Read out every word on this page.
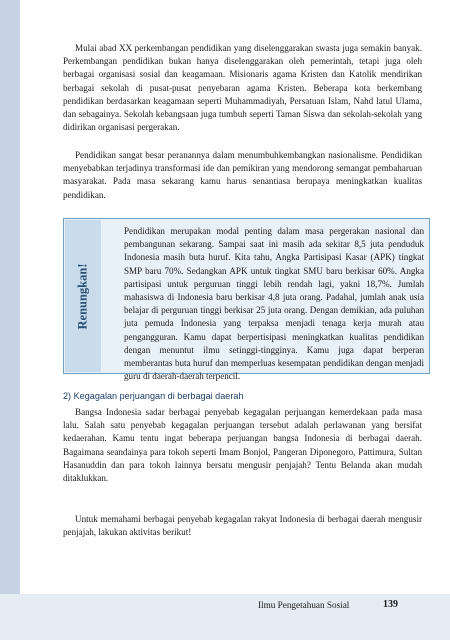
Mulai abad XX perkembangan pendidikan yang diselenggarakan swasta juga semakin banyak. Perkembangan pendidikan bukan hanya diselenggarakan oleh pemerintah, tetapi juga oleh berbagai organisasi sosial dan keagamaan. Misionaris agama Kristen dan Katolik mendirikan berbagai sekolah di pusat-pusat penyebaran agama Kristen. Beberapa kota berkembang pendidikan berdasarkan keagamaan seperti Muhammadiyah, Persatuan Islam, Nahd latul Ulama, dan sebagainya. Sekolah kebangsaan juga tumbuh seperti Taman Siswa dan sekolah-sekolah yang didirikan organisasi pergerakan.

Pendidikan sangat besar peranannya dalam menumbuhkembangkan nasionalisme. Pendidikan menyebabkan terjadinya transformasi ide dan pemikiran yang mendorong semangat pembaharuan masyarakat. Pada masa sekarang kamu harus senantiasa berupaya meningkatkan kualitas pendidikan.

Renungkan!

Pendidikan merupakan modal penting dalam masa pergerakan nasional dan pembangunan sekarang. Sampai saat ini masih ada sekitar 8,5 juta penduduk Indonesia masih buta huruf. Kita tahu, Angka Partisipasi Kasar (APK) tingkat SMP baru 70%. Sedangkan APK untuk tingkat SMU baru berkisar 60%. Angka partisipasi untuk perguruan tinggi lebih rendah lagi, yakni 18,7%. Jumlah mahasiswa di Indonesia baru berkisar 4,8 juta orang. Padahal, jumlah anak usia belajar di perguruan tinggi berkisar 25 juta orang. Dengan demikian, ada puluhan juta pemuda Indonesia yang terpaksa menjadi tenaga kerja murah atau pengangguran. Kamu dapat berpertisipasi meningkatkan kualitas pendidikan dengan menuntut ilmu setinggi-tingginya. Kamu juga dapat berperan memberantas buta huruf dan memperluas kesempatan pendidikan dengan menjadi guru di daerah-daerah terpencil.

2) Kegagalan perjuangan di berbagai daerah

Bangsa Indonesia sadar berbagai penyebab kegagalan perjuangan kemerdekaan pada masa lalu. Salah satu penyebab kegagalan perjuangan tersebut adalah perlawanan yang bersifat kedaerahan. Kamu tentu ingat beberapa perjuangan bangsa Indonesia di berbagai daerah. Bagaimana seandainya para tokoh seperti Imam Bonjol, Pangeran Diponegoro, Pattimura, Sultan Hasanuddin dan para tokoh lainnya bersatu mengusir penjajah? Tentu Belanda akan mudah ditaklukkan.

Untuk memahami berbagai penyebab kegagalan rakyat Indonesia di berbagai daerah mengusir penjajah, lakukan aktivitas berikut!

Ilmu Pengetahuan Sosial	139
